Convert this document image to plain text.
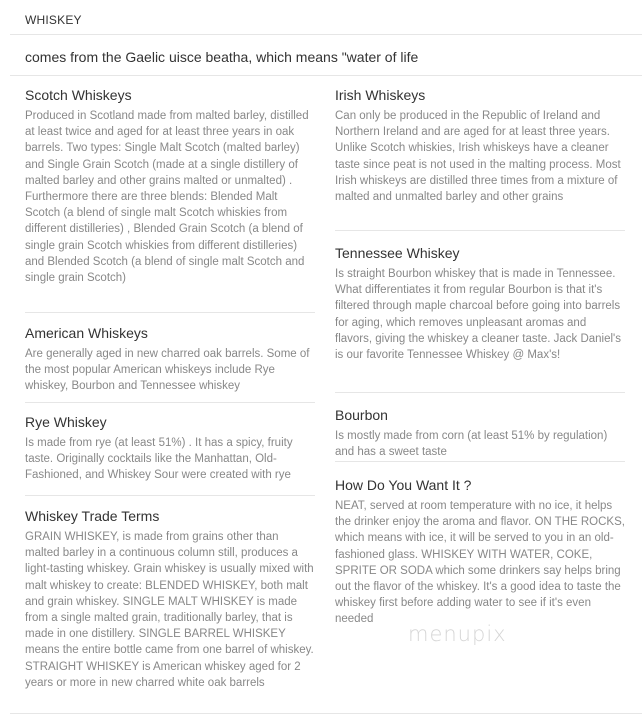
WHISKEY
comes from the Gaelic uisce beatha, which means "water of life
Scotch Whiskeys
Produced in Scotland made from malted barley, distilled at least twice and aged for at least three years in oak barrels. Two types: Single Malt Scotch (malted barley) and Single Grain Scotch (made at a single distillery of malted barley and other grains malted or unmalted) . Furthermore there are three blends: Blended Malt Scotch (a blend of single malt Scotch whiskies from different distilleries) , Blended Grain Scotch (a blend of single grain Scotch whiskies from different distilleries) and Blended Scotch (a blend of single malt Scotch and single grain Scotch)
American Whiskeys
Are generally aged in new charred oak barrels. Some of the most popular American whiskeys include Rye whiskey, Bourbon and Tennessee whiskey
Rye Whiskey
Is made from rye (at least 51%) . It has a spicy, fruity taste. Originally cocktails like the Manhattan, Old-Fashioned, and Whiskey Sour were created with rye
Whiskey Trade Terms
GRAIN WHISKEY, is made from grains other than malted barley in a continuous column still, produces a light-tasting whiskey. Grain whiskey is usually mixed with malt whiskey to create: BLENDED WHISKEY, both malt and grain whiskey. SINGLE MALT WHISKEY is made from a single malted grain, traditionally barley, that is made in one distillery. SINGLE BARREL WHISKEY means the entire bottle came from one barrel of whiskey. STRAIGHT WHISKEY is American whiskey aged for 2 years or more in new charred white oak barrels
Irish Whiskeys
Can only be produced in the Republic of Ireland and Northern Ireland and are aged for at least three years. Unlike Scotch whiskies, Irish whiskeys have a cleaner taste since peat is not used in the malting process. Most Irish whiskeys are distilled three times from a mixture of malted and unmalted barley and other grains
Tennessee Whiskey
Is straight Bourbon whiskey that is made in Tennessee. What differentiates it from regular Bourbon is that it's filtered through maple charcoal before going into barrels for aging, which removes unpleasant aromas and flavors, giving the whiskey a cleaner taste. Jack Daniel's is our favorite Tennessee Whiskey @ Max's!
Bourbon
Is mostly made from corn (at least 51% by regulation) and has a sweet taste
How Do You Want It ?
NEAT, served at room temperature with no ice, it helps the drinker enjoy the aroma and flavor. ON THE ROCKS, which means with ice, it will be served to you in an old-fashioned glass. WHISKEY WITH WATER, COKE, SPRITE OR SODA which some drinkers say helps bring out the flavor of the whiskey. It's a good idea to taste the whiskey first before adding water to see if it's even needed
menupix
